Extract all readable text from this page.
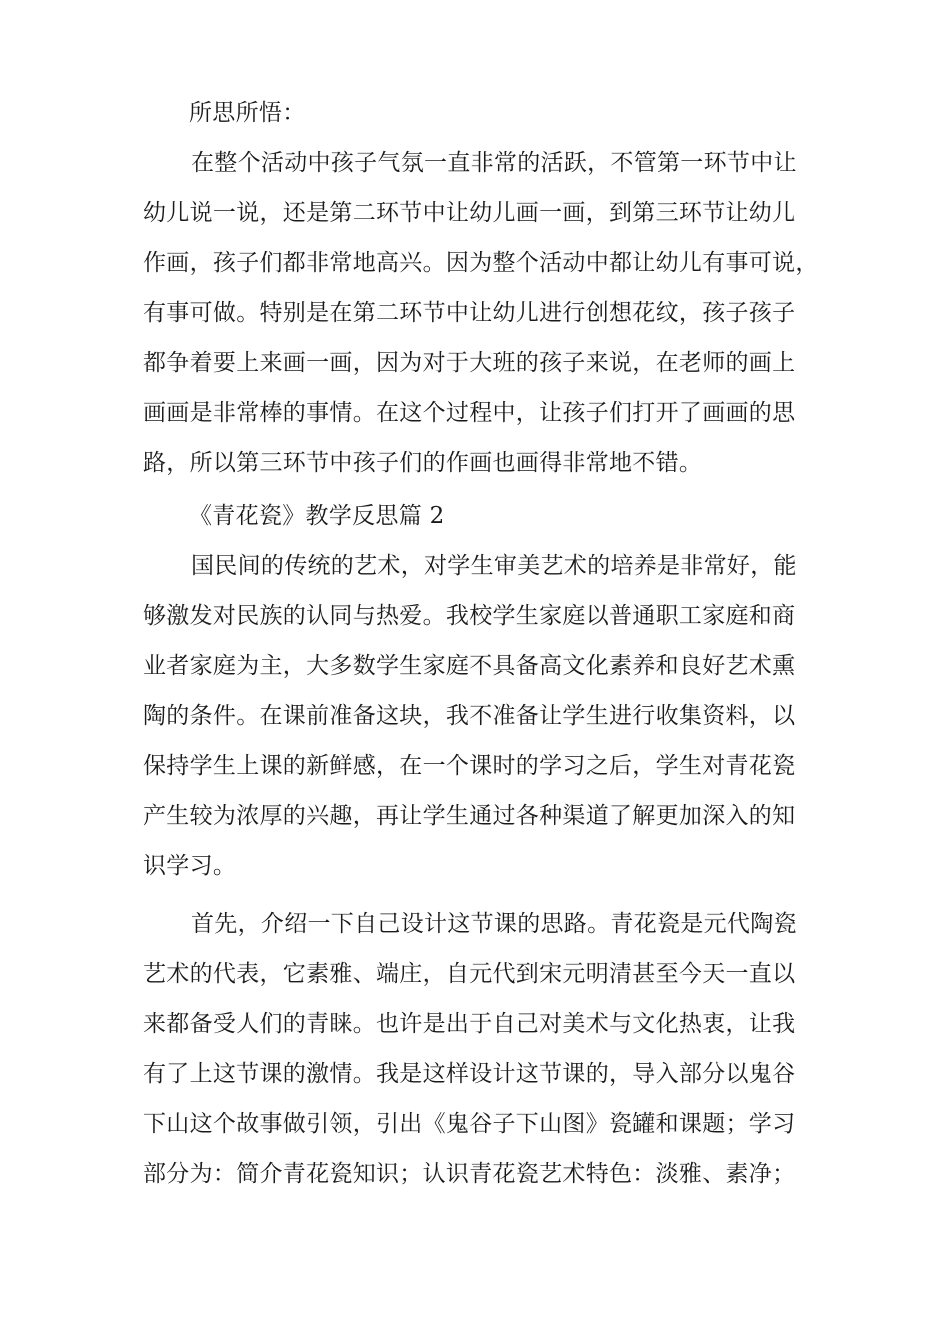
所思所悟：
在整个活动中孩子气氛一直非常的活跃，不管第一环节中让
幼儿说一说，还是第二环节中让幼儿画一画，到第三环节让幼儿
作画，孩子们都非常地高兴。因为整个活动中都让幼儿有事可说，
有事可做。特别是在第二环节中让幼儿进行创想花纹，孩子孩子
都争着要上来画一画，因为对于大班的孩子来说，在老师的画上
画画是非常棒的事情。在这个过程中，让孩子们打开了画画的思
路，所以第三环节中孩子们的作画也画得非常地不错。
《青花瓷》教学反思篇 2
国民间的传统的艺术，对学生审美艺术的培养是非常好，能
够激发对民族的认同与热爱。我校学生家庭以普通职工家庭和商
业者家庭为主，大多数学生家庭不具备高文化素养和良好艺术熏
陶的条件。在课前准备这块，我不准备让学生进行收集资料，以
保持学生上课的新鲜感，在一个课时的学习之后，学生对青花瓷
产生较为浓厚的兴趣，再让学生通过各种渠道了解更加深入的知
识学习。
首先，介绍一下自己设计这节课的思路。青花瓷是元代陶瓷
艺术的代表，它素雅、端庄，自元代到宋元明清甚至今天一直以
来都备受人们的青睐。也许是出于自己对美术与文化热衷，让我
有了上这节课的激情。我是这样设计这节课的，导入部分以鬼谷
下山这个故事做引领，引出《鬼谷子下山图》瓷罐和课题；学习
部分为：简介青花瓷知识；认识青花瓷艺术特色：淡雅、素净；
